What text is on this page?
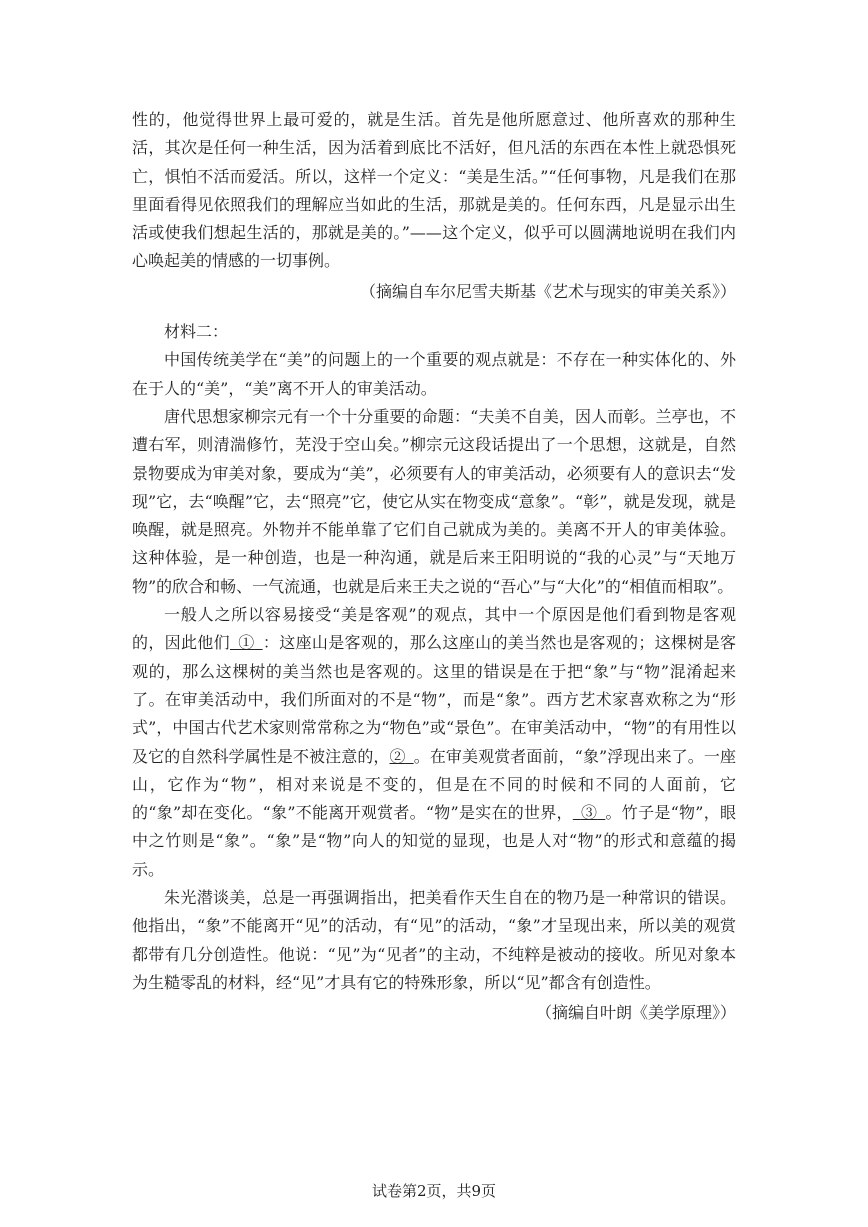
性的，他觉得世界上最可爱的，就是生活。首先是他所愿意过、他所喜欢的那种生活，其次是任何一种生活，因为活着到底比不活好，但凡活的东西在本性上就恐惧死亡，惧怕不活而爱活。所以，这样一个定义：“美是生活。”“任何事物，凡是我们在那里面看得见依照我们的理解应当如此的生活，那就是美的。任何东西，凡是显示出生活或使我们想起生活的，那就是美的。”——这个定义，似乎可以圆满地说明在我们内心唤起美的情感的一切事例。

（摘编自车尔尼雪夫斯基《艺术与现实的审美关系》）

材料二：

中国传统美学在“美”的问题上的一个重要的观点就是：不存在一种实体化的、外在于人的“美”，“美”离不开人的审美活动。

唐代思想家柳宗元有一个十分重要的命题：“夫美不自美，因人而彰。兰亭也，不遭右军，则清湍修竹，芜没于空山矣。”柳宗元这段话提出了一个思想，这就是，自然景物要成为审美对象，要成为“美”，必须要有人的审美活动，必须要有人的意识去“发现”它，去“唤醒”它，去“照亮”它，使它从实在物变成“意象”。“彰”，就是发现，就是唤醒，就是照亮。外物并不能单靠了它们自己就成为美的。美离不开人的审美体验。这种体验，是一种创造，也是一种沟通，就是后来王阳明说的“我的心灵”与“天地万物”的欣合和畅、一气流通，也就是后来王夫之说的“吾心”与“大化”的“相值而相取”。

一般人之所以容易接受“美是客观”的观点，其中一个原因是他们看到物是客观的，因此他们  ①  ：这座山是客观的，那么这座山的美当然也是客观的；这棵树是客观的，那么这棵树的美当然也是客观的。这里的错误是在于把“象”与“物”混淆起来了。在审美活动中，我们所面对的不是“物”，而是“象”。西方艺术家喜欢称之为“形式”，中国古代艺术家则常常称之为“物色”或“景色”。在审美活动中，“物”的有用性以及它的自然科学属性是不被注意的，②  。在审美观赏者面前，“象”浮现出来了。一座山，它作为“物”，相对来说是不变的，但是在不同的时候和不同的人面前，它的“象”却在变化。“象”不能离开观赏者。“物”是实在的世界，  ③  。竹子是“物”，眼中之竹则是“象”。“象”是“物”向人的知觉的显现，也是人对“物”的形式和意蕴的揭示。

朱光潜谈美，总是一再强调指出，把美看作天生自在的物乃是一种常识的错误。他指出，“象”不能离开“见”的活动，有“见”的活动，“象”才呈现出来，所以美的观赏都带有几分创造性。他说：“见”为“见者”的主动，不纯粹是被动的接收。所见对象本为生糙零乱的材料，经“见”才具有它的特殊形象，所以“见”都含有创造性。

（摘编自叶朗《美学原理》）

试卷第2页，共9页
